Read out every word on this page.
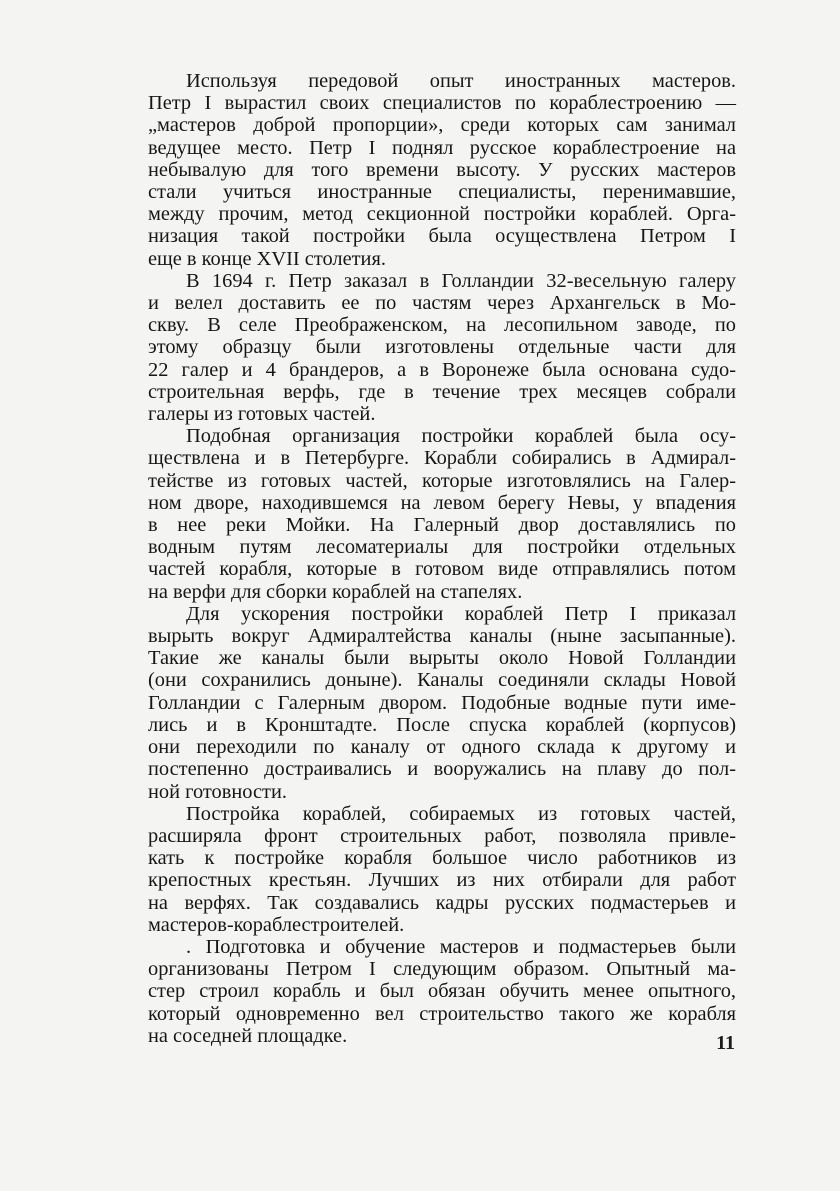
Используя передовой опыт иностранных мастеров.
Петр I вырастил своих специалистов по кораблестроению —
„мастеров доброй пропорции», среди которых сам занимал
ведущее место. Петр I поднял русское кораблестроение на
небывалую для того времени высоту. У русских мастеров
стали учиться иностранные специалисты, перенимавшие,
между прочим, метод секционной постройки кораблей. Орга-
низация такой постройки была осуществлена Петром I
еще в конце XVII столетия.

В 1694 г. Петр заказал в Голландии 32-весельную галеру
и велел доставить ее по частям через Архангельск в Мо-
скву. В селе Преображенском, на лесопильном заводе, по
этому образцу были изготовлены отдельные части для
22 галер и 4 брандеров, а в Воронеже была основана судо-
строительная верфь, где в течение трех месяцев собрали
галеры из готовых частей.

Подобная организация постройки кораблей была осу-
ществлена и в Петербурге. Корабли собирались в Адмирал-
тействе из готовых частей, которые изготовлялись на Галер-
ном дворе, находившемся на левом берегу Невы, у впадения
в нее реки Мойки. На Галерный двор доставлялись по
водным путям лесоматериалы для постройки отдельных
частей корабля, которые в готовом виде отправлялись потом
на верфи для сборки кораблей на стапелях.

Для ускорения постройки кораблей Петр I приказал
вырыть вокруг Адмиралтейства каналы (ныне засыпанные).
Такие же каналы были вырыты около Новой Голландии
(они сохранились доныне). Каналы соединяли склады Новой
Голландии с Галерным двором. Подобные водные пути име-
лись и в Кронштадте. После спуска кораблей (корпусов)
они переходили по каналу от одного склада к другому и
постепенно достраивались и вооружались на плаву до пол-
ной готовности.

Постройка кораблей, собираемых из готовых частей,
расширяла фронт строительных работ, позволяла привле-
кать к постройке корабля большое число работников из
крепостных крестьян. Лучших из них отбирали для работ
на верфях. Так создавались кадры русских подмастерьев и
мастеров-кораблестроителей.

. Подготовка и обучение мастеров и подмастерьев были
организованы Петром I следующим образом. Опытный ма-
стер строил корабль и был обязан обучить менее опытного,
который одновременно вел строительство такого же корабля
на соседней площадке.	11
